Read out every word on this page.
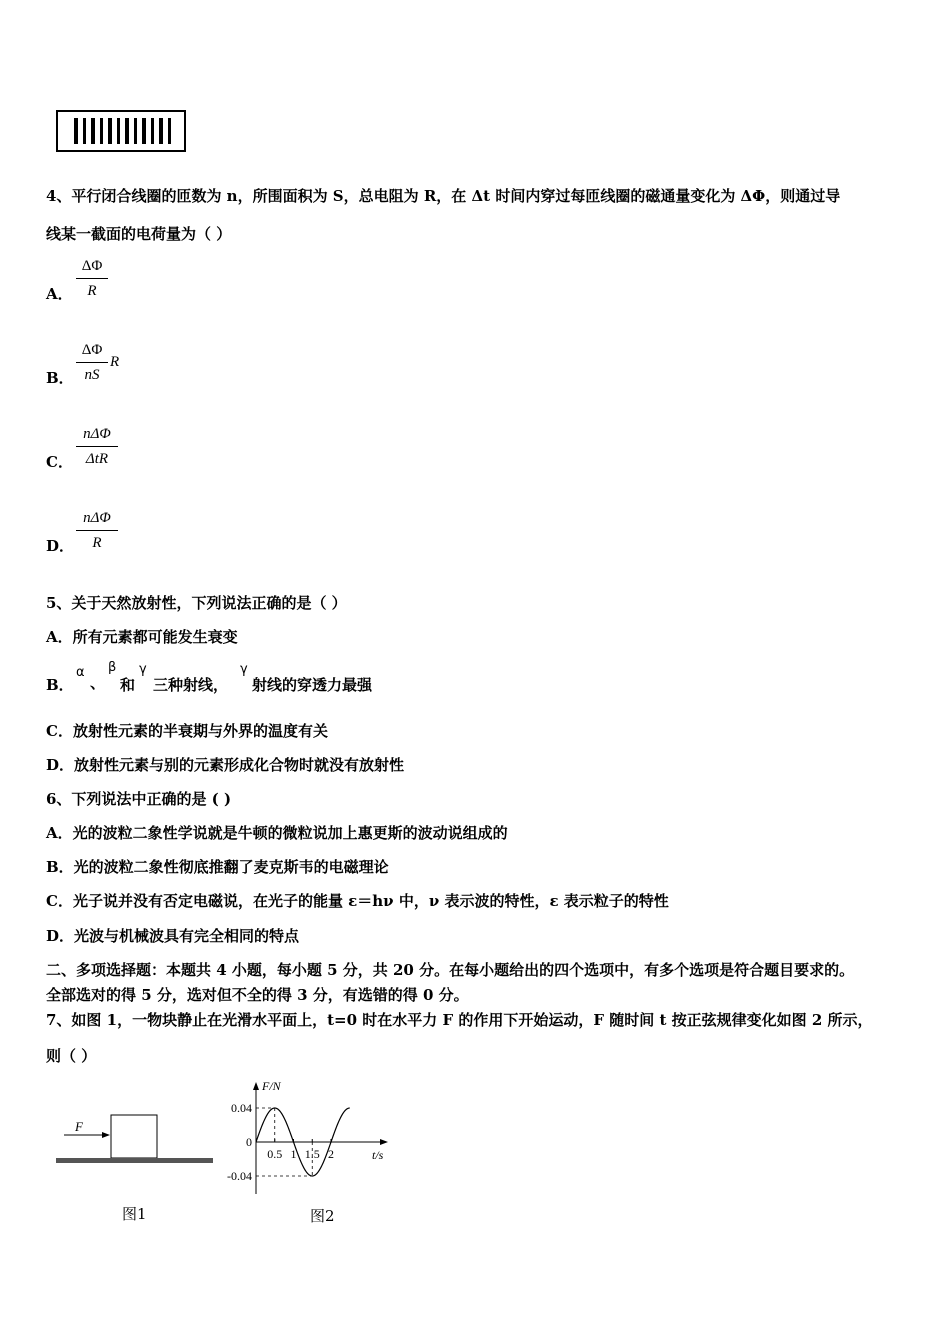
4、平行闭合线圈的匝数为 n，所围面积为 S，总电阻为 R，在 Δt 时间内穿过每匝线圈的磁通量变化为 ΔΦ，则通过导
线某一截面的电荷量为（ ）
A．
ΔΦ
R
B．
ΔΦ
nS
R
C．
nΔΦ
ΔtR
D．
nΔΦ
R
5、关于天然放射性，下列说法正确的是（ ）
A．所有元素都可能发生衰变
B．
α
、
β
和
γ
三种射线，
γ
射线的穿透力最强
C．放射性元素的半衰期与外界的温度有关
D．放射性元素与别的元素形成化合物时就没有放射性
6、下列说法中正确的是 ( )
A．光的波粒二象性学说就是牛顿的微粒说加上惠更斯的波动说组成的
B．光的波粒二象性彻底推翻了麦克斯韦的电磁理论
C．光子说并没有否定电磁说，在光子的能量 ε＝hν 中，ν 表示波的特性，ε 表示粒子的特性
D．光波与机械波具有完全相同的特点
二、多项选择题：本题共 4 小题，每小题 5 分，共 20 分。在每小题给出的四个选项中，有多个选项是符合题目要求的。
全部选对的得 5 分，选对但不全的得 3 分，有选错的得 0 分。
7、如图 1，一物块静止在光滑水平面上，t=0 时在水平力 F 的作用下开始运动，F 随时间 t 按正弦规律变化如图 2 所示，
则（ ）
F
图1
F/N
t/s
0.04
0
-0.04
0.5 1 1.5 2
图2
